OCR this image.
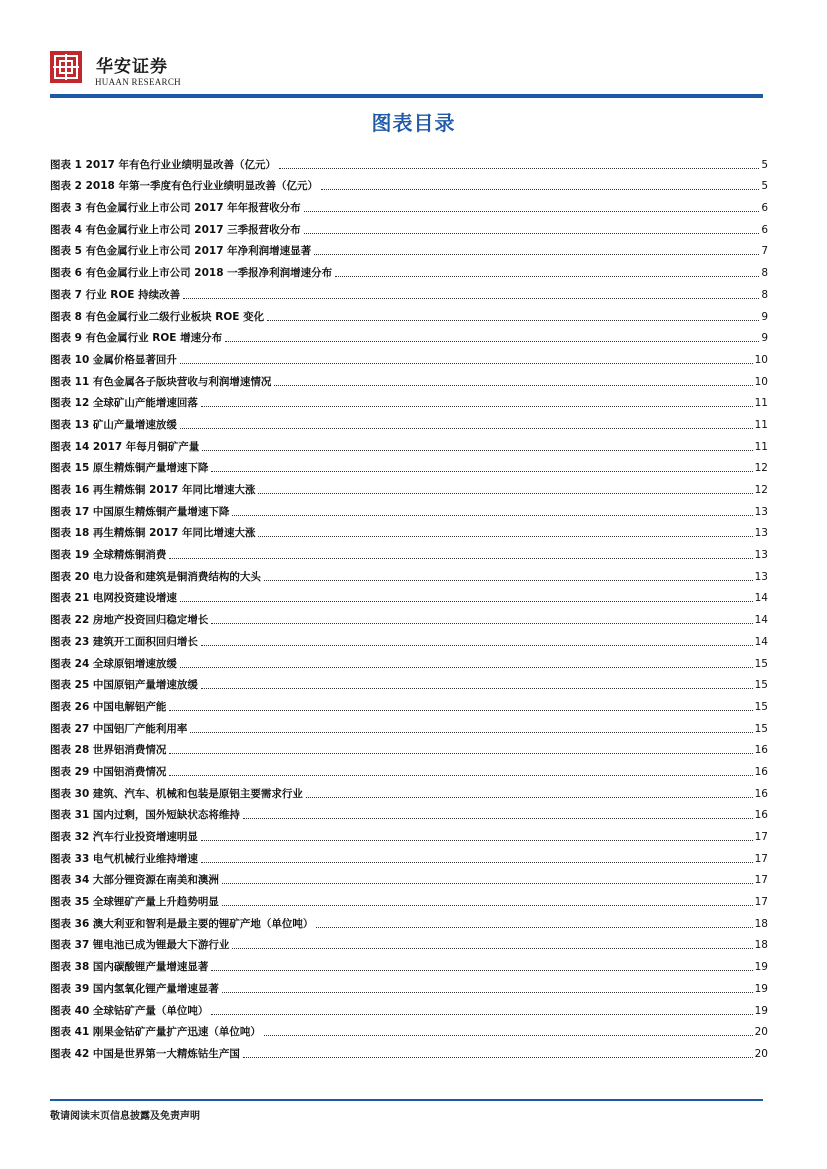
华安证券
HUAAN RESEARCH
图表目录
图表 1 2017 年有色行业业绩明显改善（亿元）	5
图表 2 2018 年第一季度有色行业业绩明显改善（亿元）	5
图表 3 有色金属行业上市公司 2017 年年报营收分布	6
图表 4 有色金属行业上市公司 2017 三季报营收分布	6
图表 5 有色金属行业上市公司 2017 年净利润增速显著	7
图表 6 有色金属行业上市公司 2018 一季报净利润增速分布	8
图表 7 行业 ROE 持续改善	8
图表 8 有色金属行业二级行业板块 ROE 变化	9
图表 9 有色金属行业 ROE 增速分布	9
图表 10 金属价格显著回升	10
图表 11 有色金属各子版块营收与利润增速情况	10
图表 12 全球矿山产能增速回落	11
图表 13 矿山产量增速放缓	11
图表 14 2017 年每月铜矿产量	11
图表 15 原生精炼铜产量增速下降	12
图表 16 再生精炼铜 2017 年同比增速大涨	12
图表 17 中国原生精炼铜产量增速下降	13
图表 18 再生精炼铜 2017 年同比增速大涨	13
图表 19 全球精炼铜消费	13
图表 20 电力设备和建筑是铜消费结构的大头	13
图表 21 电网投资建设增速	14
图表 22 房地产投资回归稳定增长	14
图表 23 建筑开工面积回归增长	14
图表 24 全球原铝增速放缓	15
图表 25 中国原铝产量增速放缓	15
图表 26 中国电解铝产能	15
图表 27 中国铝厂产能利用率	15
图表 28 世界铝消费情况	16
图表 29 中国铝消费情况	16
图表 30 建筑、汽车、机械和包装是原铝主要需求行业	16
图表 31 国内过剩，国外短缺状态将维持	16
图表 32 汽车行业投资增速明显	17
图表 33 电气机械行业维持增速	17
图表 34 大部分锂资源在南美和澳洲	17
图表 35 全球锂矿产量上升趋势明显	17
图表 36 澳大利亚和智利是最主要的锂矿产地（单位吨）	18
图表 37 锂电池已成为锂最大下游行业	18
图表 38 国内碳酸锂产量增速显著	19
图表 39 国内氢氧化锂产量增速显著	19
图表 40 全球钴矿产量（单位吨）	19
图表 41 刚果金钴矿产量扩产迅速（单位吨）	20
图表 42 中国是世界第一大精炼钴生产国	20
敬请阅读末页信息披露及免责声明
